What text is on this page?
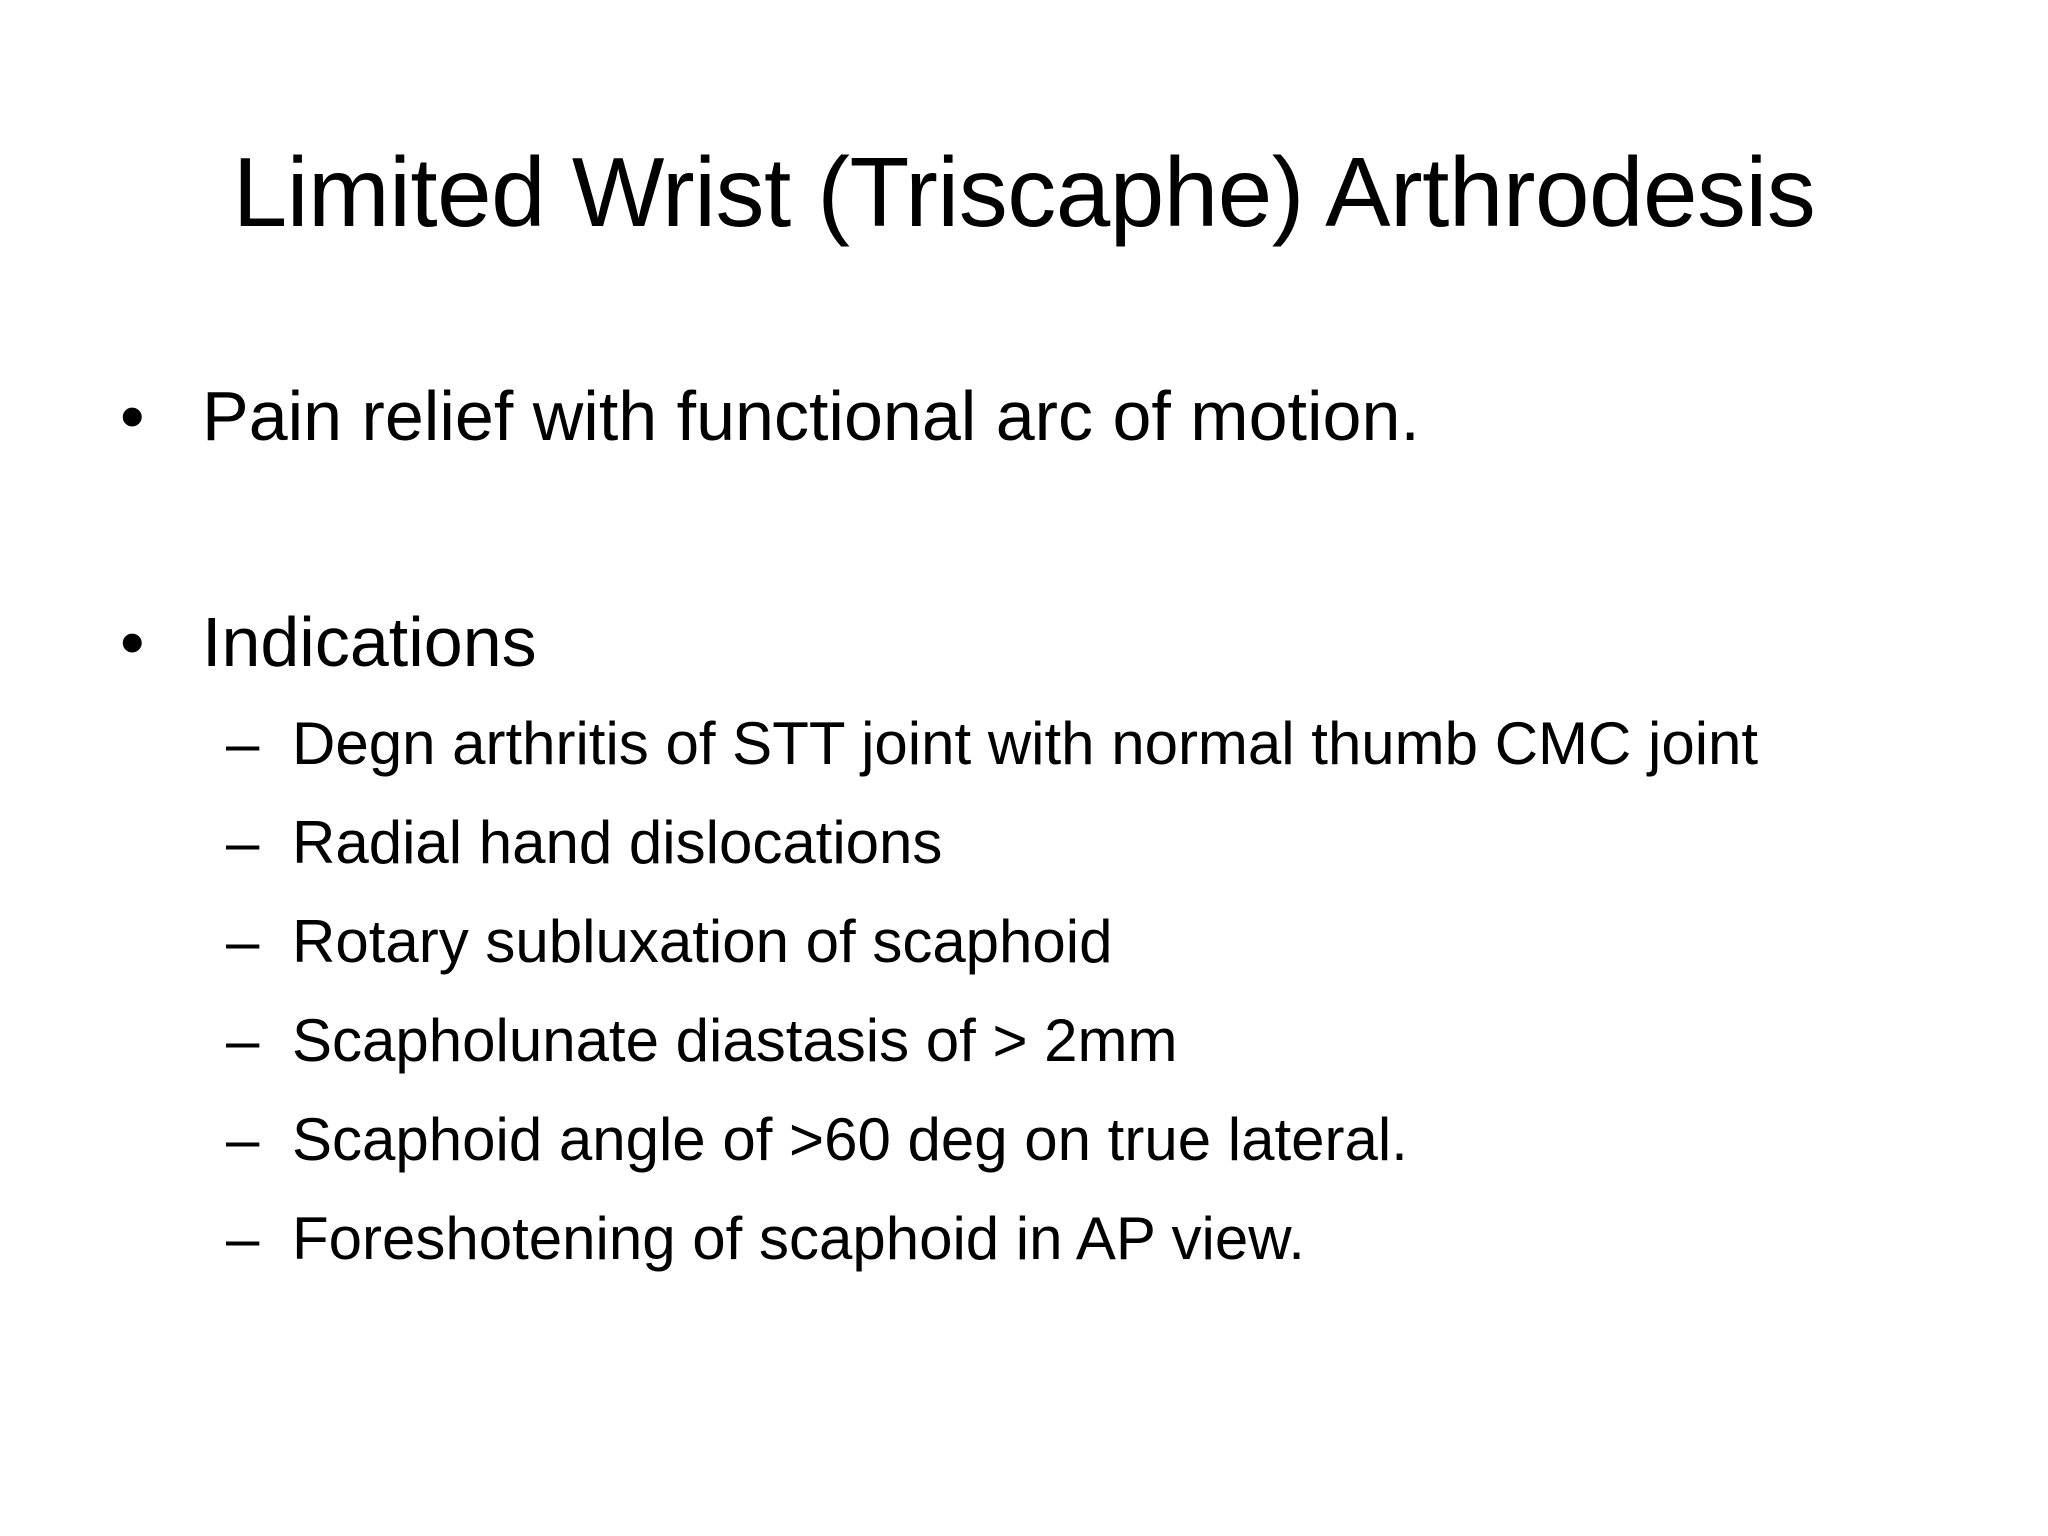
Limited Wrist (Triscaphe) Arthrodesis
• Pain relief with functional arc of motion.
• Indications
– Degn arthritis of STT joint with normal thumb CMC joint
– Radial hand dislocations
– Rotary subluxation of scaphoid
– Scapholunate diastasis of > 2mm
– Scaphoid angle of >60 deg on true lateral.
– Foreshotening of scaphoid in AP view.
